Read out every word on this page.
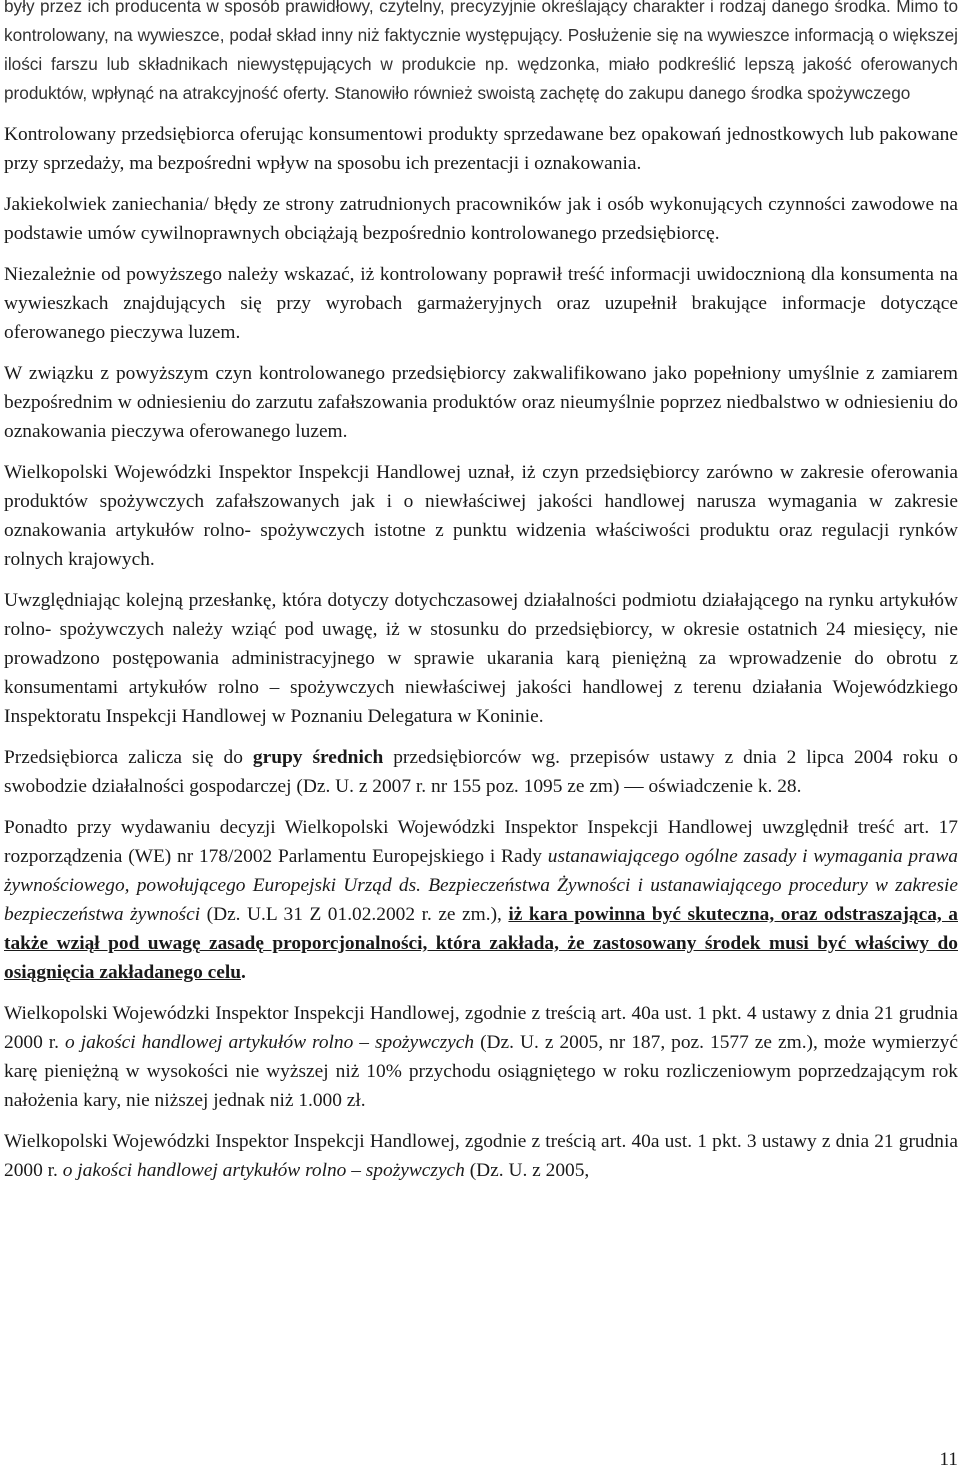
były przez ich producenta w sposób prawidłowy, czytelny, precyzyjnie określający charakter i rodzaj danego środka. Mimo to kontrolowany, na wywieszce, podał skład inny niż faktycznie występujący. Posłużenie się na wywieszce informacją o większej ilości farszu lub składnikach niewystępujących w produkcie np. wędzonka, miało podkreślić lepszą jakość oferowanych produktów, wpłynąć na atrakcyjność oferty. Stanowiło również swoistą zachętę do zakupu danego środka spożywczego

Kontrolowany przedsiębiorca oferując konsumentowi produkty sprzedawane bez opakowań jednostkowych lub pakowane przy sprzedaży, ma bezpośredni wpływ na sposobu ich prezentacji i oznakowania.

Jakiekolwiek zaniechania/ błędy ze strony zatrudnionych pracowników jak i osób wykonujących czynności zawodowe na podstawie umów cywilnoprawnych obciążają bezpośrednio kontrolowanego przedsiębiorcę.

Niezależnie od powyższego należy wskazać, iż kontrolowany poprawił treść informacji uwidocznioną dla konsumenta na wywieszkach znajdujących się przy wyrobach garmażeryjnych oraz uzupełnił brakujące informacje dotyczące oferowanego pieczywa luzem.

W związku z powyższym czyn kontrolowanego przedsiębiorcy zakwalifikowano jako popełniony umyślnie z zamiarem bezpośrednim w odniesieniu do zarzutu zafałszowania produktów oraz nieumyślnie poprzez niedbalstwo w odniesieniu do oznakowania pieczywa oferowanego luzem.

Wielkopolski Wojewódzki Inspektor Inspekcji Handlowej uznał, iż czyn przedsiębiorcy zarówno w zakresie oferowania produktów spożywczych zafałszowanych jak i o niewłaściwej jakości handlowej narusza wymagania w zakresie oznakowania artykułów rolno- spożywczych istotne z punktu widzenia właściwości produktu oraz regulacji rynków rolnych krajowych.

Uwzględniając kolejną przesłankę, która dotyczy dotychczasowej działalności podmiotu działającego na rynku artykułów rolno- spożywczych należy wziąć pod uwagę, iż w stosunku do przedsiębiorcy, w okresie ostatnich 24 miesięcy, nie prowadzono postępowania administracyjnego w sprawie ukarania karą pieniężną za wprowadzenie do obrotu z konsumentami artykułów rolno – spożywczych niewłaściwej jakości handlowej z terenu działania Wojewódzkiego Inspektoratu Inspekcji Handlowej w Poznaniu Delegatura w Koninie.

Przedsiębiorca zalicza się do grupy średnich przedsiębiorców wg. przepisów ustawy z dnia 2 lipca 2004 roku o swobodzie działalności gospodarczej (Dz. U. z 2007 r. nr 155 poz. 1095 ze zm) — oświadczenie k. 28.

Ponadto przy wydawaniu decyzji Wielkopolski Wojewódzki Inspektor Inspekcji Handlowej uwzględnił treść art. 17 rozporządzenia (WE) nr 178/2002 Parlamentu Europejskiego i Rady ustanawiającego ogólne zasady i wymagania prawa żywnościowego, powołującego Europejski Urząd ds. Bezpieczeństwa Żywności i ustanawiającego procedury w zakresie bezpieczeństwa żywności (Dz. U.L 31 Z 01.02.2002 r. ze zm.), iż kara powinna być skuteczna, oraz odstraszająca, a także wziął pod uwagę zasadę proporcjonalności, która zakłada, że zastosowany środek musi być właściwy do osiągnięcia zakładanego celu.

Wielkopolski Wojewódzki Inspektor Inspekcji Handlowej, zgodnie z treścią art. 40a ust. 1 pkt. 4 ustawy z dnia 21 grudnia 2000 r. o jakości handlowej artykułów rolno – spożywczych (Dz. U. z 2005, nr 187, poz. 1577 ze zm.), może wymierzyć karę pieniężną w wysokości nie wyższej niż 10% przychodu osiągniętego w roku rozliczeniowym poprzedzającym rok nałożenia kary, nie niższej jednak niż 1.000 zł.

Wielkopolski Wojewódzki Inspektor Inspekcji Handlowej, zgodnie z treścią art. 40a ust. 1 pkt. 3 ustawy z dnia 21 grudnia 2000 r. o jakości handlowej artykułów rolno – spożywczych (Dz. U. z 2005,

11
